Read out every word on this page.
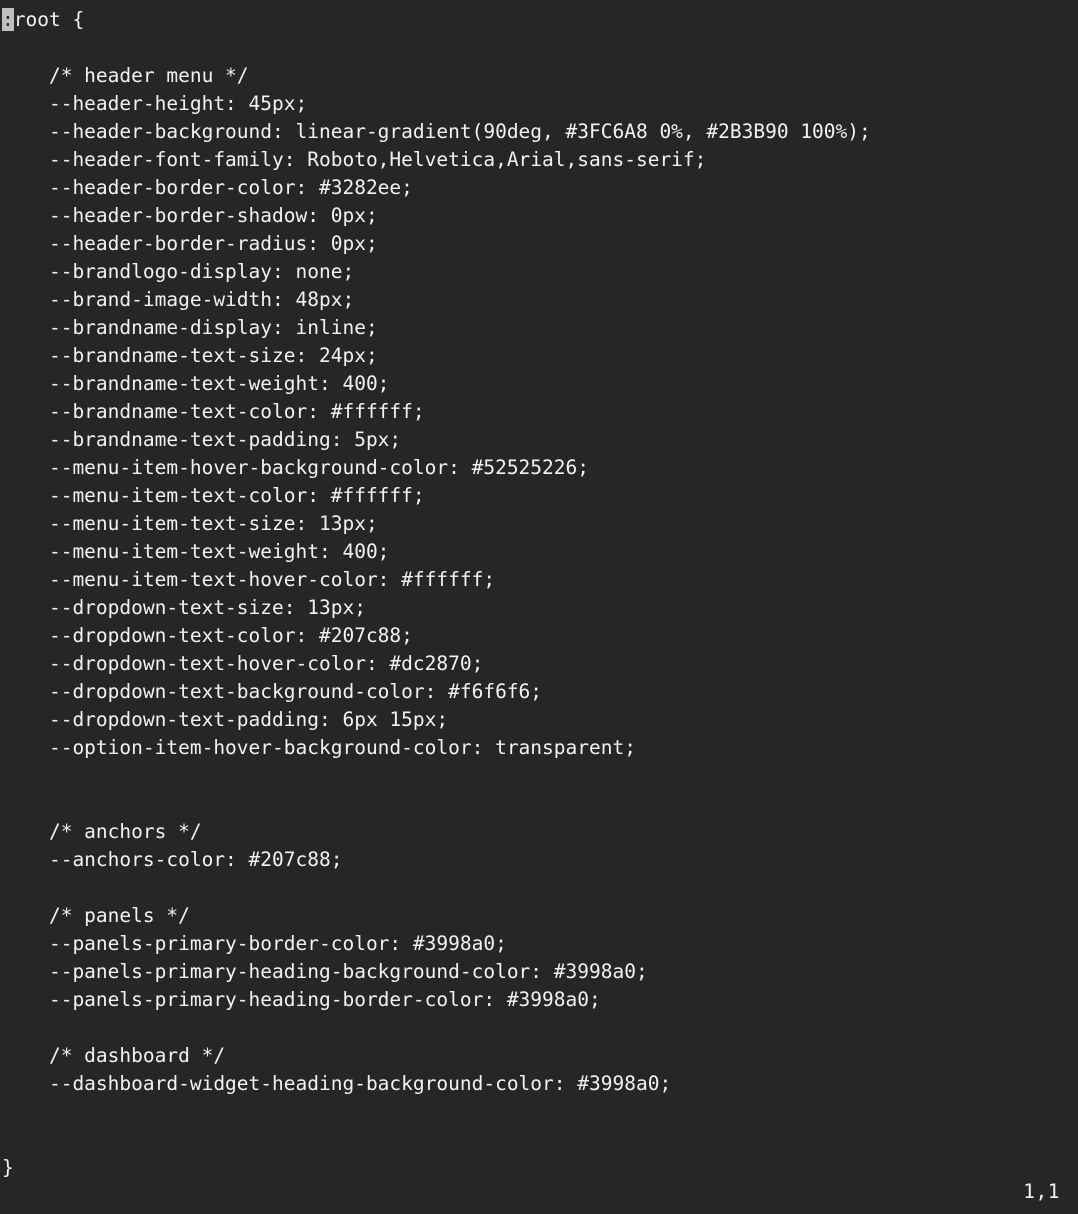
:root {
/* header menu */
--header-height: 45px;
--header-background: linear-gradient(90deg, #3FC6A8 0%, #2B3B90 100%);
--header-font-family: Roboto,Helvetica,Arial,sans-serif;
--header-border-color: #3282ee;
--header-border-shadow: 0px;
--header-border-radius: 0px;
--brandlogo-display: none;
--brand-image-width: 48px;
--brandname-display: inline;
--brandname-text-size: 24px;
--brandname-text-weight: 400;
--brandname-text-color: #ffffff;
--brandname-text-padding: 5px;
--menu-item-hover-background-color: #52525226;
--menu-item-text-color: #ffffff;
--menu-item-text-size: 13px;
--menu-item-text-weight: 400;
--menu-item-text-hover-color: #ffffff;
--dropdown-text-size: 13px;
--dropdown-text-color: #207c88;
--dropdown-text-hover-color: #dc2870;
--dropdown-text-background-color: #f6f6f6;
--dropdown-text-padding: 6px 15px;
--option-item-hover-background-color: transparent;
/* anchors */
--anchors-color: #207c88;
/* panels */
--panels-primary-border-color: #3998a0;
--panels-primary-heading-background-color: #3998a0;
--panels-primary-heading-border-color: #3998a0;
/* dashboard */
--dashboard-widget-heading-background-color: #3998a0;
}
1,1
